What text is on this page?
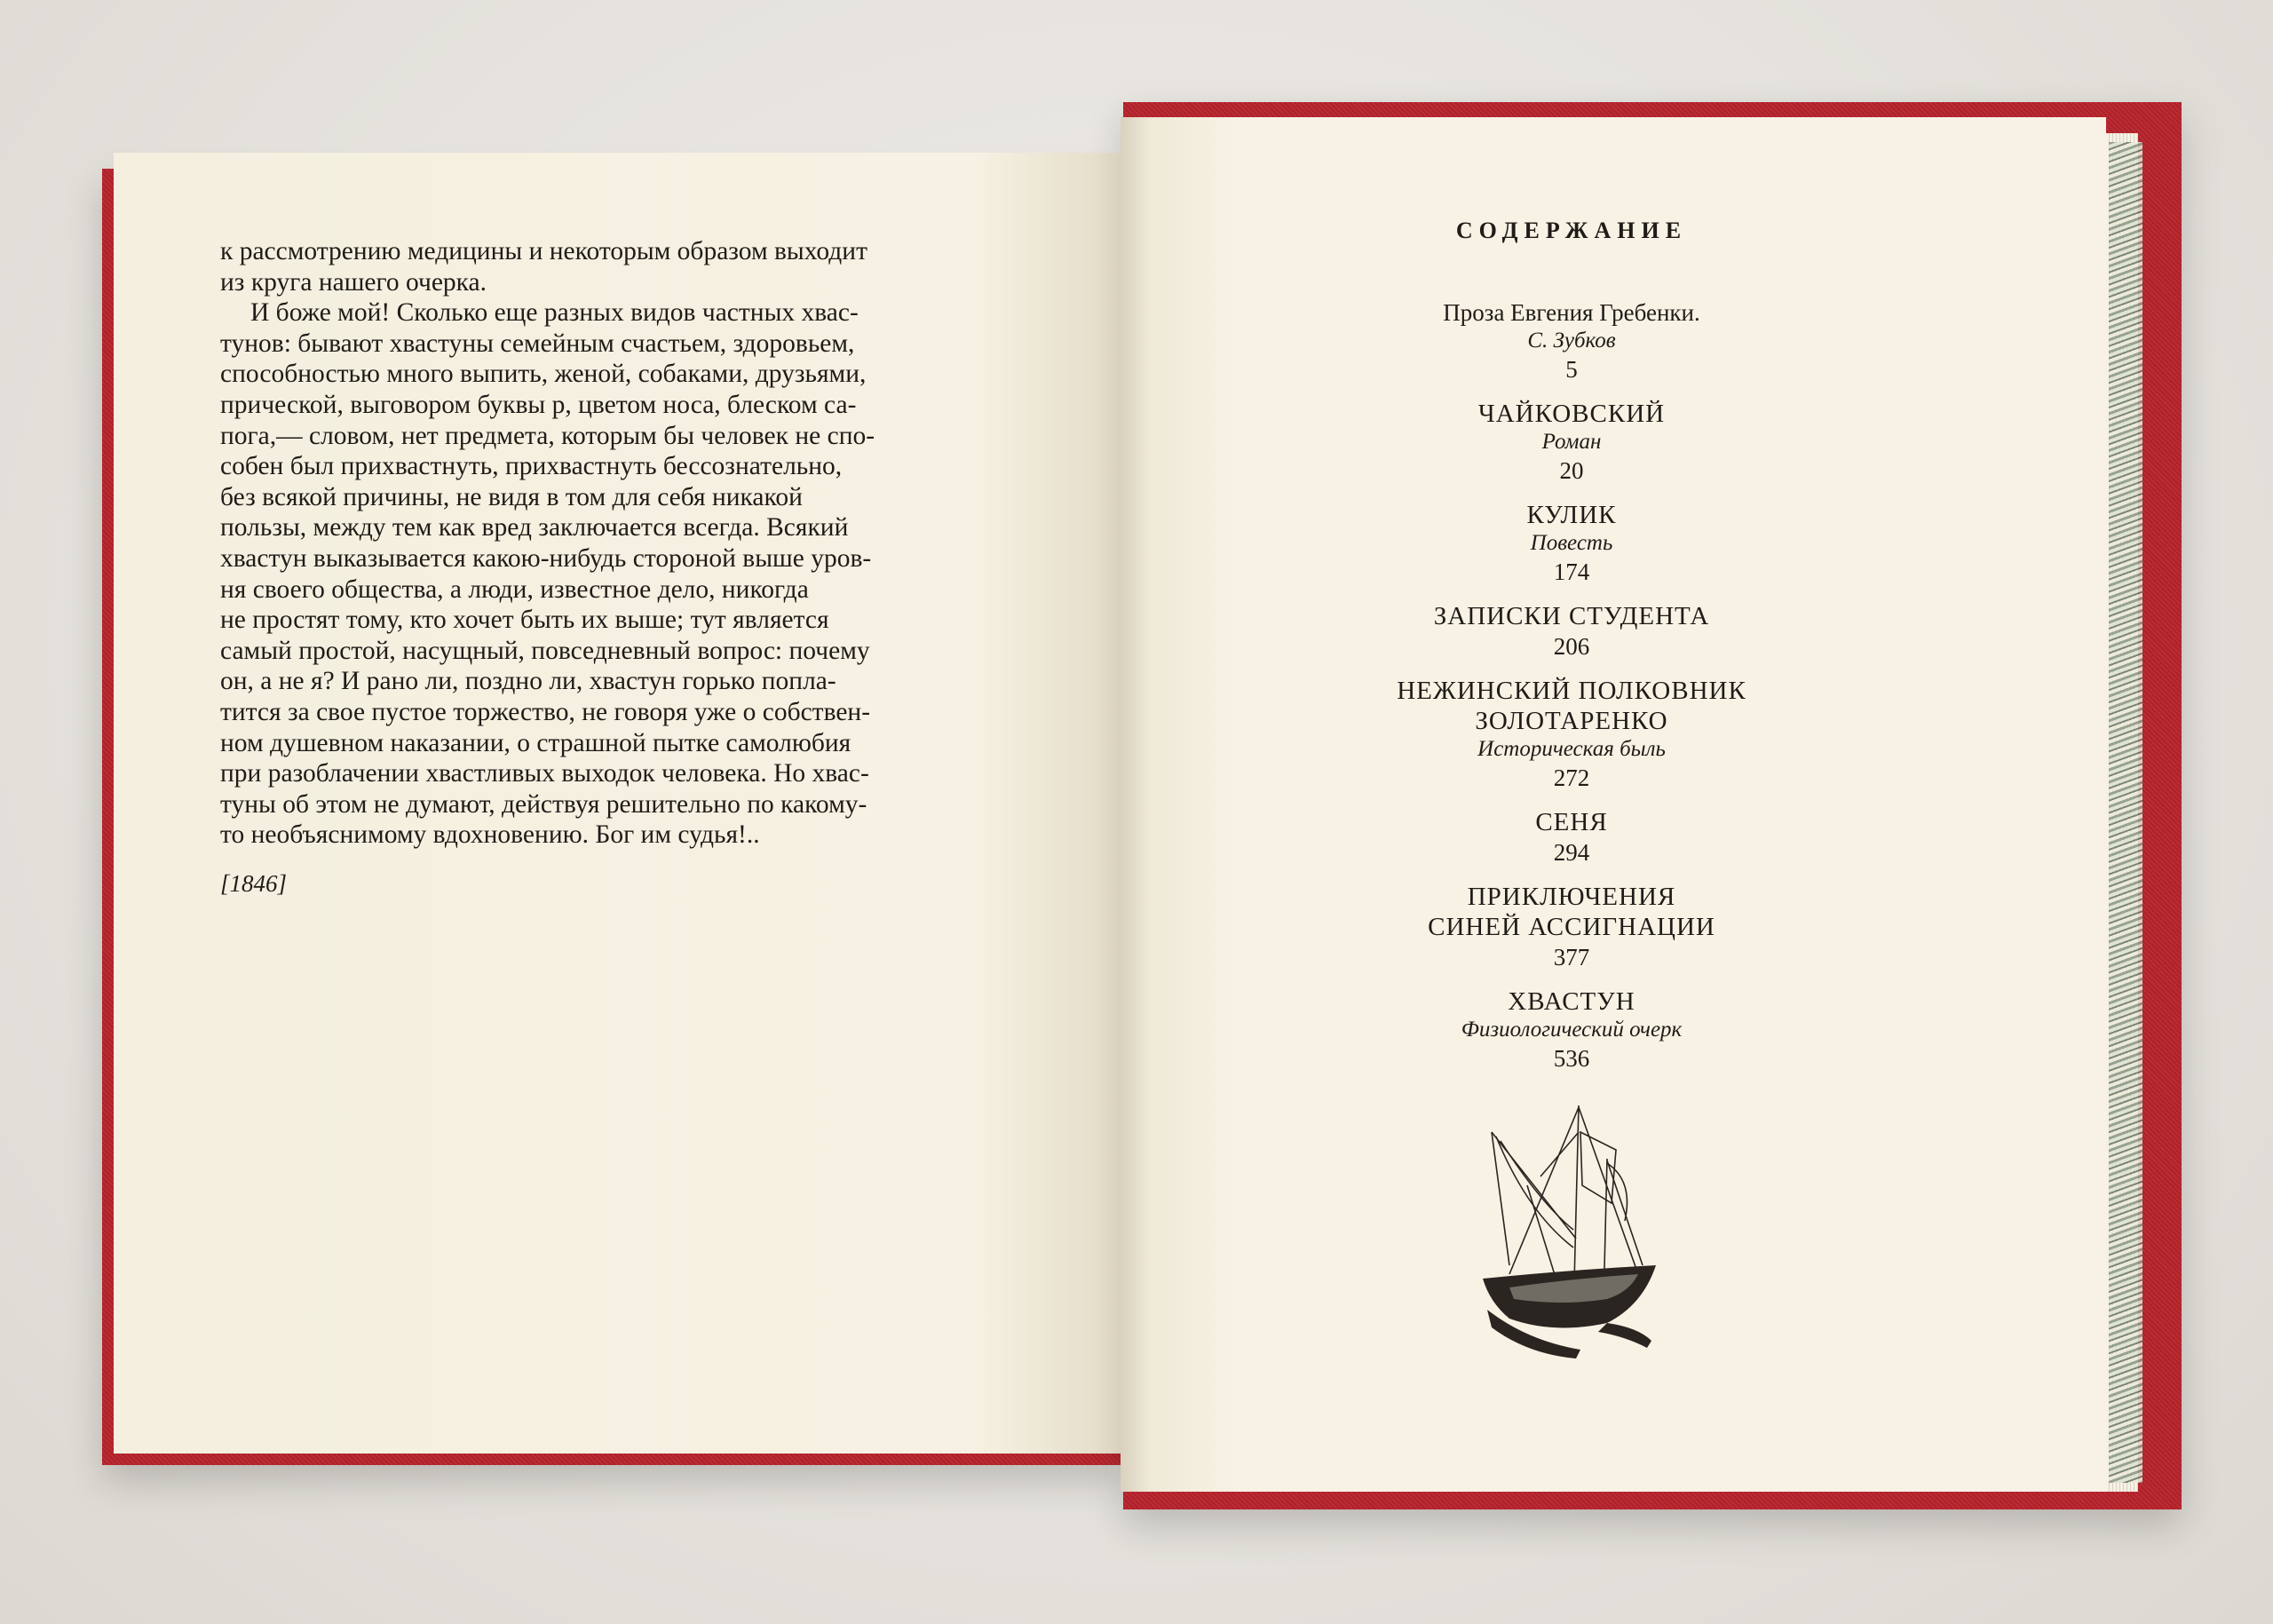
к рассмотрению медицины и некоторым образом выходит

из круга нашего очерка.

И боже мой! Сколько еще разных видов частных хвас-

тунов: бывают хвастуны семейным счастьем, здоровьем,

способностью много выпить, женой, собаками, друзьями,

прической, выговором буквы р, цветом носа, блеском са-

пога,— словом, нет предмета, которым бы человек не спо-

собен был прихвастнуть, прихвастнуть бессознательно,

без всякой причины, не видя в том для себя никакой

пользы, между тем как вред заключается всегда. Всякий

хвастун выказывается какою-нибудь стороной выше уров-

ня своего общества, а люди, известное дело, никогда

не простят тому, кто хочет быть их выше; тут является

самый простой, насущный, повседневный вопрос: почему

он, а не я? И рано ли, поздно ли, хвастун горько попла-

тится за свое пустое торжество, не говоря уже о собствен-

ном душевном наказании, о страшной пытке самолюбия

при разоблачении хвастливых выходок человека. Но хвас-

туны об этом не думают, действуя решительно по какому-

то необъяснимому вдохновению. Бог им судья!..

[1846]
СОДЕРЖАНИЕ
Проза Евгения Гребенки.
С. Зубков
5
ЧАЙКОВСКИЙ
Роман
20
КУЛИК
Повесть
174
ЗАПИСКИ СТУДЕНТА
206
НЕЖИНСКИЙ ПОЛКОВНИК
ЗОЛОТАРЕНКО
Историческая быль
272
СЕНЯ
294
ПРИКЛЮЧЕНИЯ
СИНЕЙ АССИГНАЦИИ
377
ХВАСТУН
Физиологический очерк
536
